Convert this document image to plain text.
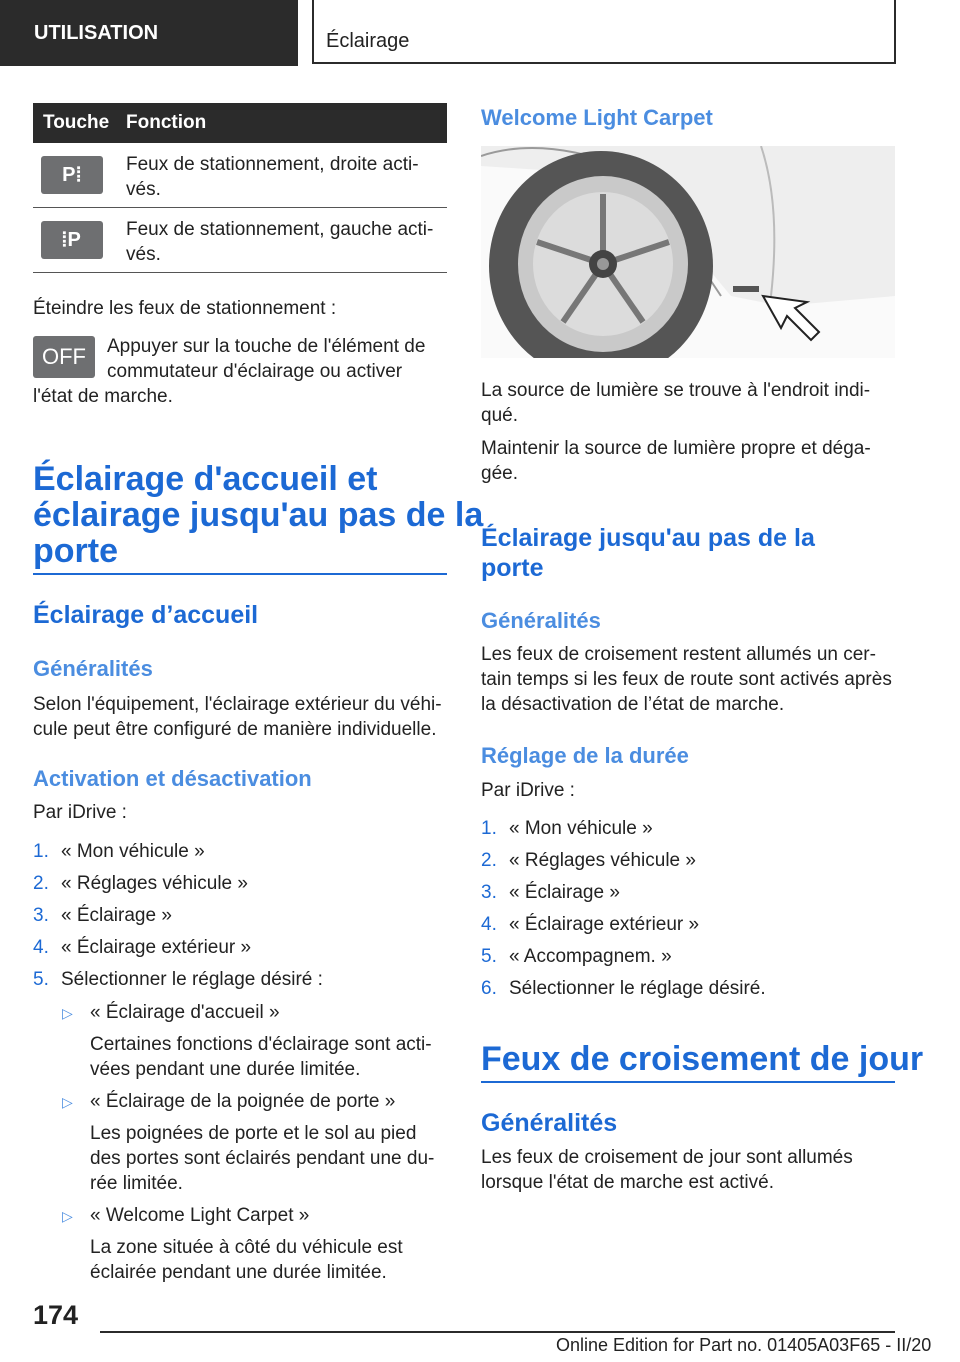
UTILISATION	Éclairage
Touche Fonction
P⦙	Feux de stationnement, droite acti-vés.
⦙P	Feux de stationnement, gauche acti-vés.
Éteindre les feux de stationnement :
OFF	Appuyer sur la touche de l'élément de
commutateur d'éclairage ou activer
l'état de marche.
Éclairage d'accueil et
éclairage jusqu'au pas de la
porte
Éclairage d’accueil
Généralités
Selon l'équipement, l'éclairage extérieur du véhi-
cule peut être configuré de manière individuelle.
Activation et désactivation
Par iDrive :
1. « Mon véhicule »
2. « Réglages véhicule »
3. « Éclairage »
4. « Éclairage extérieur »
5. Sélectionner le réglage désiré :
▷ « Éclairage d'accueil »
Certaines fonctions d'éclairage sont acti-
vées pendant une durée limitée.
▷ « Éclairage de la poignée de porte »
Les poignées de porte et le sol au pied
des portes sont éclairés pendant une du-
rée limitée.
▷ « Welcome Light Carpet »
La zone située à côté du véhicule est
éclairée pendant une durée limitée.
Welcome Light Carpet
La source de lumière se trouve à l'endroit indi-
qué.
Maintenir la source de lumière propre et déga-
gée.
Éclairage jusqu'au pas de la
porte
Généralités
Les feux de croisement restent allumés un cer-
tain temps si les feux de route sont activés après
la désactivation de l’état de marche.
Réglage de la durée
Par iDrive :
1. « Mon véhicule »
2. « Réglages véhicule »
3. « Éclairage »
4. « Éclairage extérieur »
5. « Accompagnem. »
6. Sélectionner le réglage désiré.
Feux de croisement de jour
Généralités
Les feux de croisement de jour sont allumés
lorsque l'état de marche est activé.
174
Online Edition for Part no. 01405A03F65 - II/20
